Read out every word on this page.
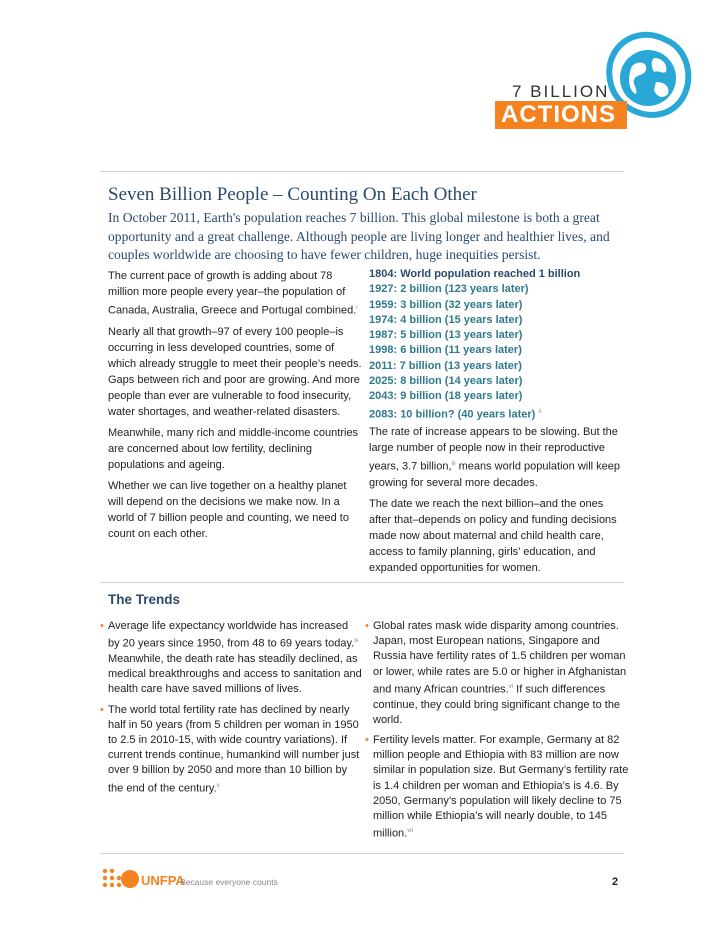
7 BILLION
ACTIONS
Seven Billion People – Counting On Each Other
In October 2011, Earth's population reaches 7 billion. This global milestone is both a great opportunity and a great challenge. Although people are living longer and healthier lives, and couples worldwide are choosing to have fewer children, huge inequities persist.

The current pace of growth is adding about 78 million more people every year–the population of Canada, Australia, Greece and Portugal combined.$^i$

Nearly all that growth–97 of every 100 people–is occurring in less developed countries, some of which already struggle to meet their people’s needs. Gaps between rich and poor are growing. And more people than ever are vulnerable to food insecurity, water shortages, and weather-related disasters.

Meanwhile, many rich and middle-income countries are concerned about low fertility, declining populations and ageing.

Whether we can live together on a healthy planet will depend on the decisions we make now. In a world of 7 billion people and counting, we need to count on each other.

1804: World population reached 1 billion
1927: 2 billion (123 years later)
1959: 3 billion (32 years later)
1974: 4 billion (15 years later)
1987: 5 billion (13 years later)
1998: 6 billion (11 years later)
2011: 7 billion (13 years later)
2025: 8 billion (14 years later)
2043: 9 billion (18 years later)
2083: 10 billion? (40 years later) $^{ii}$

The rate of increase appears to be slowing. But the large number of people now in their reproductive years, 3.7 billion,$^{iii}$ means world population will keep growing for several more decades.

The date we reach the next billion–and the ones after that–depends on policy and funding decisions made now about maternal and child health care, access to family planning, girls’ education, and expanded opportunities for women.

The Trends
• Average life expectancy worldwide has increased by 20 years since 1950, from 48 to 69 years today.$^{iv}$ Meanwhile, the death rate has steadily declined, as medical breakthroughs and access to sanitation and health care have saved millions of lives.
• The world total fertility rate has declined by nearly half in 50 years (from 5 children per woman in 1950 to 2.5 in 2010-15, with wide country variations). If current trends continue, humankind will number just over 9 billion by 2050 and more than 10 billion by the end of the century.$^v$
• Global rates mask wide disparity among countries. Japan, most European nations, Singapore and Russia have fertility rates of 1.5 children per woman or lower, while rates are 5.0 or higher in Afghanistan and many African countries.$^{vi}$ If such differences continue, they could bring significant change to the world.
• Fertility levels matter. For example, Germany at 82 million people and Ethiopia with 83 million are now similar in population size. But Germany’s fertility rate is 1.4 children per woman and Ethiopia’s is 4.6. By 2050, Germany’s population will likely decline to 75 million while Ethiopia’s will nearly double, to 145 million.$^{vii}$
UNFPA
Because everyone counts	2
